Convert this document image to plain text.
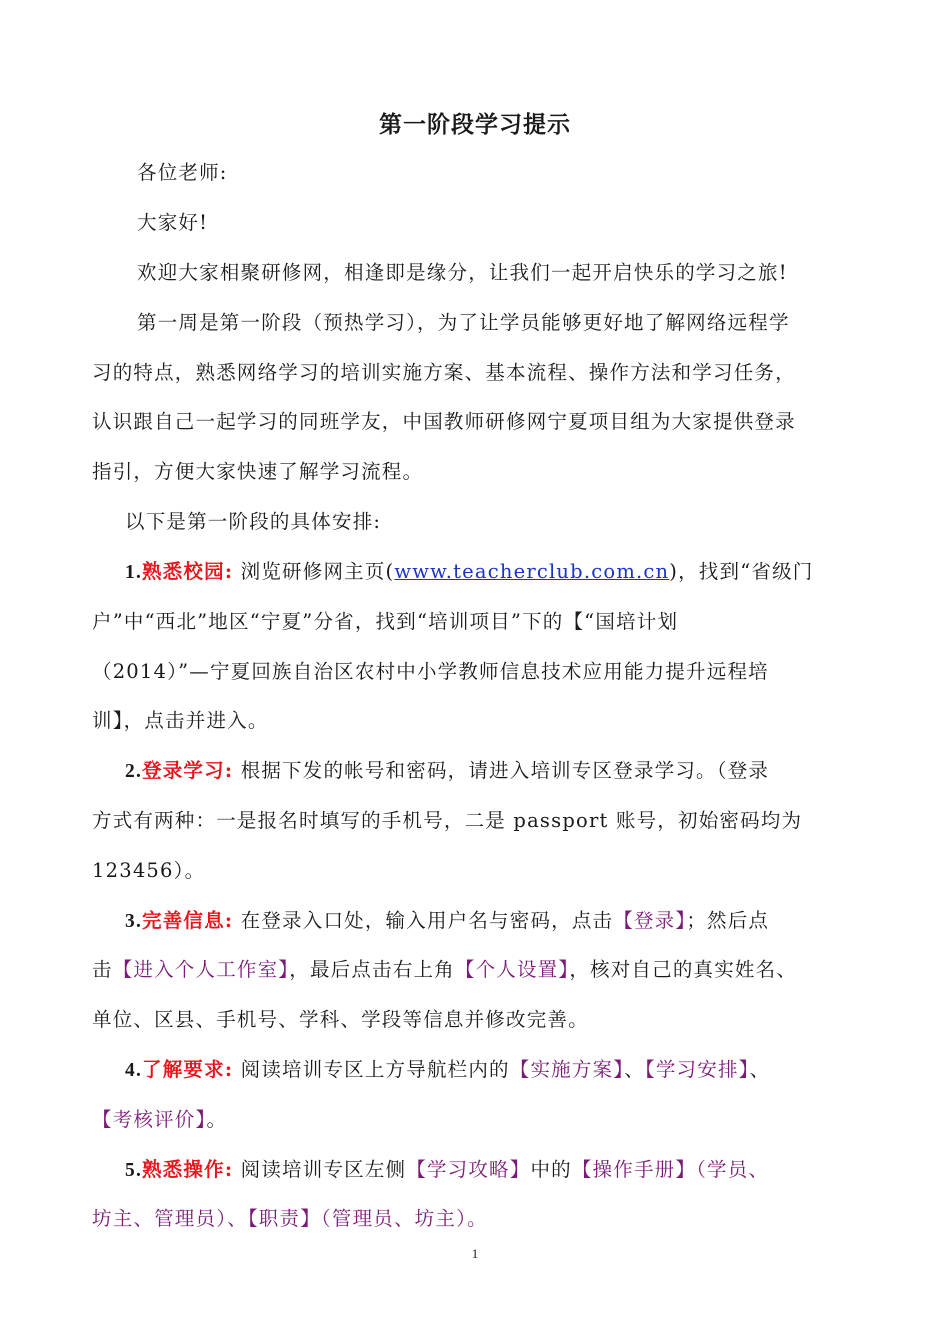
第一阶段学习提示
各位老师:
大家好!
欢迎大家相聚研修网，相逢即是缘分，让我们一起开启快乐的学习之旅!
第一周是第一阶段（预热学习），为了让学员能够更好地了解网络远程学
习的特点，熟悉网络学习的培训实施方案、基本流程、操作方法和学习任务，
认识跟自己一起学习的同班学友，中国教师研修网宁夏项目组为大家提供登录
指引，方便大家快速了解学习流程。
以下是第一阶段的具体安排:
1.熟悉校园: 浏览研修网主页(www.teacherclub.com.cn)，找到“省级门
户”中“西北”地区“宁夏”分省，找到“培训项目”下的【“国培计划
（2014）”—宁夏回族自治区农村中小学教师信息技术应用能力提升远程培
训】，点击并进入。
2.登录学习: 根据下发的帐号和密码，请进入培训专区登录学习。（登录
方式有两种：一是报名时填写的手机号，二是 passport 账号，初始密码均为
123456）。
3.完善信息: 在登录入口处，输入用户名与密码，点击【登录】；然后点
击【进入个人工作室】，最后点击右上角【个人设置】，核对自己的真实姓名、
单位、区县、手机号、学科、学段等信息并修改完善。
4.了解要求: 阅读培训专区上方导航栏内的【实施方案】、【学习安排】、
【考核评价】。
5.熟悉操作: 阅读培训专区左侧【学习攻略】中的【操作手册】（学员、
坊主、管理员）、【职责】（管理员、坊主）。
1
